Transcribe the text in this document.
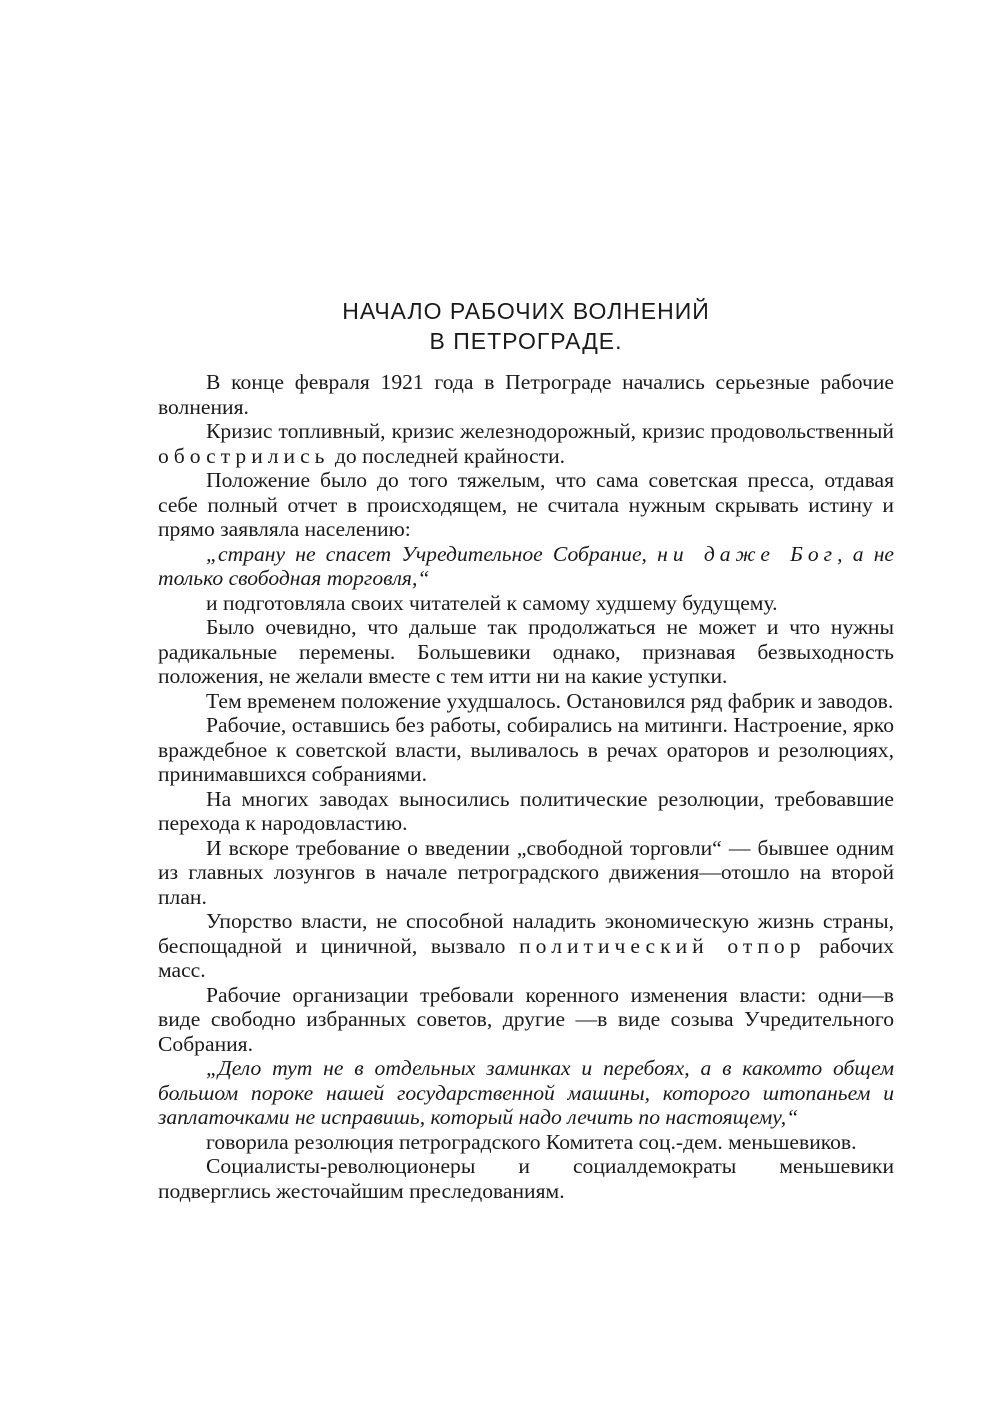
НАЧАЛО РАБОЧИХ ВОЛНЕНИЙ
В ПЕТРОГРАДЕ.

В конце февраля 1921 года в Петрограде начались серьезные рабочие волнения.

Кризис топливный, кризис железнодорожный, кризис продовольственный обострились до последней крайности.

Положение было до того тяжелым, что сама советская пресса, отдавая себе полный отчет в происходящем, не считала нужным скрывать истину и прямо заявляла населению:

„страну не спасет Учредительное Собрание, ни даже Бог, а не только свободная торговля,“

и подготовляла своих читателей к самому худшему будущему.

Было очевидно, что дальше так продолжаться не может и что нужны радикальные перемены. Большевики однако, признавая безвыходность положения, не желали вместе с тем итти ни на какие уступки.

Тем временем положение ухудшалось. Остановился ряд фабрик и заводов.

Рабочие, оставшись без работы, собирались на митинги. Настроение, ярко враждебное к советской власти, выливалось в речах ораторов и резолюциях, принимавшихся собраниями.

На многих заводах выносились политические резолюции, требовавшие перехода к народовластию.

И вскоре требование о введении „свободной торговли“ — бывшее одним из главных лозунгов в начале петроградского движения—отошло на второй план.

Упорство власти, не способной наладить экономическую жизнь страны, беспощадной и циничной, вызвало политический отпор рабочих масс.

Рабочие организации требовали коренного изменения власти: одни—в виде свободно избранных советов, другие —в виде созыва Учредительного Собрания.

„Дело тут не в отдельных заминках и перебоях, а в какомто общем большом пороке нашей государственной машины, которого штопаньем и заплаточками не исправишь, который надо лечить по настоящему,“

говорила резолюция петроградского Комитета соц.-дем. меньшевиков.

Социалисты-революционеры и социалдемократы меньшевики подверглись жесточайшим преследованиям.
